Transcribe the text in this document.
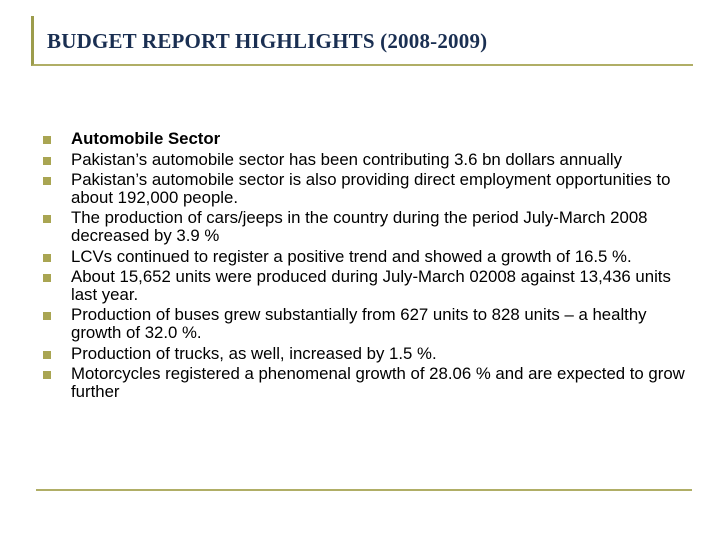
BUDGET REPORT HIGHLIGHTS (2008-2009)
Automobile Sector
Pakistan’s automobile sector has been contributing 3.6 bn dollars annually
Pakistan’s automobile sector is also providing direct employment opportunities to about 192,000 people.
The production of cars/jeeps in the country during the period July-March 2008 decreased by 3.9 %
LCVs continued to register a positive trend and showed a growth of 16.5 %.
About 15,652 units were produced during July-March 02008 against 13,436 units last year.
Production of buses grew substantially from 627 units to 828 units – a healthy growth of 32.0 %.
Production of trucks, as well, increased by 1.5 %.
Motorcycles registered a phenomenal growth of 28.06 % and are expected to grow further
